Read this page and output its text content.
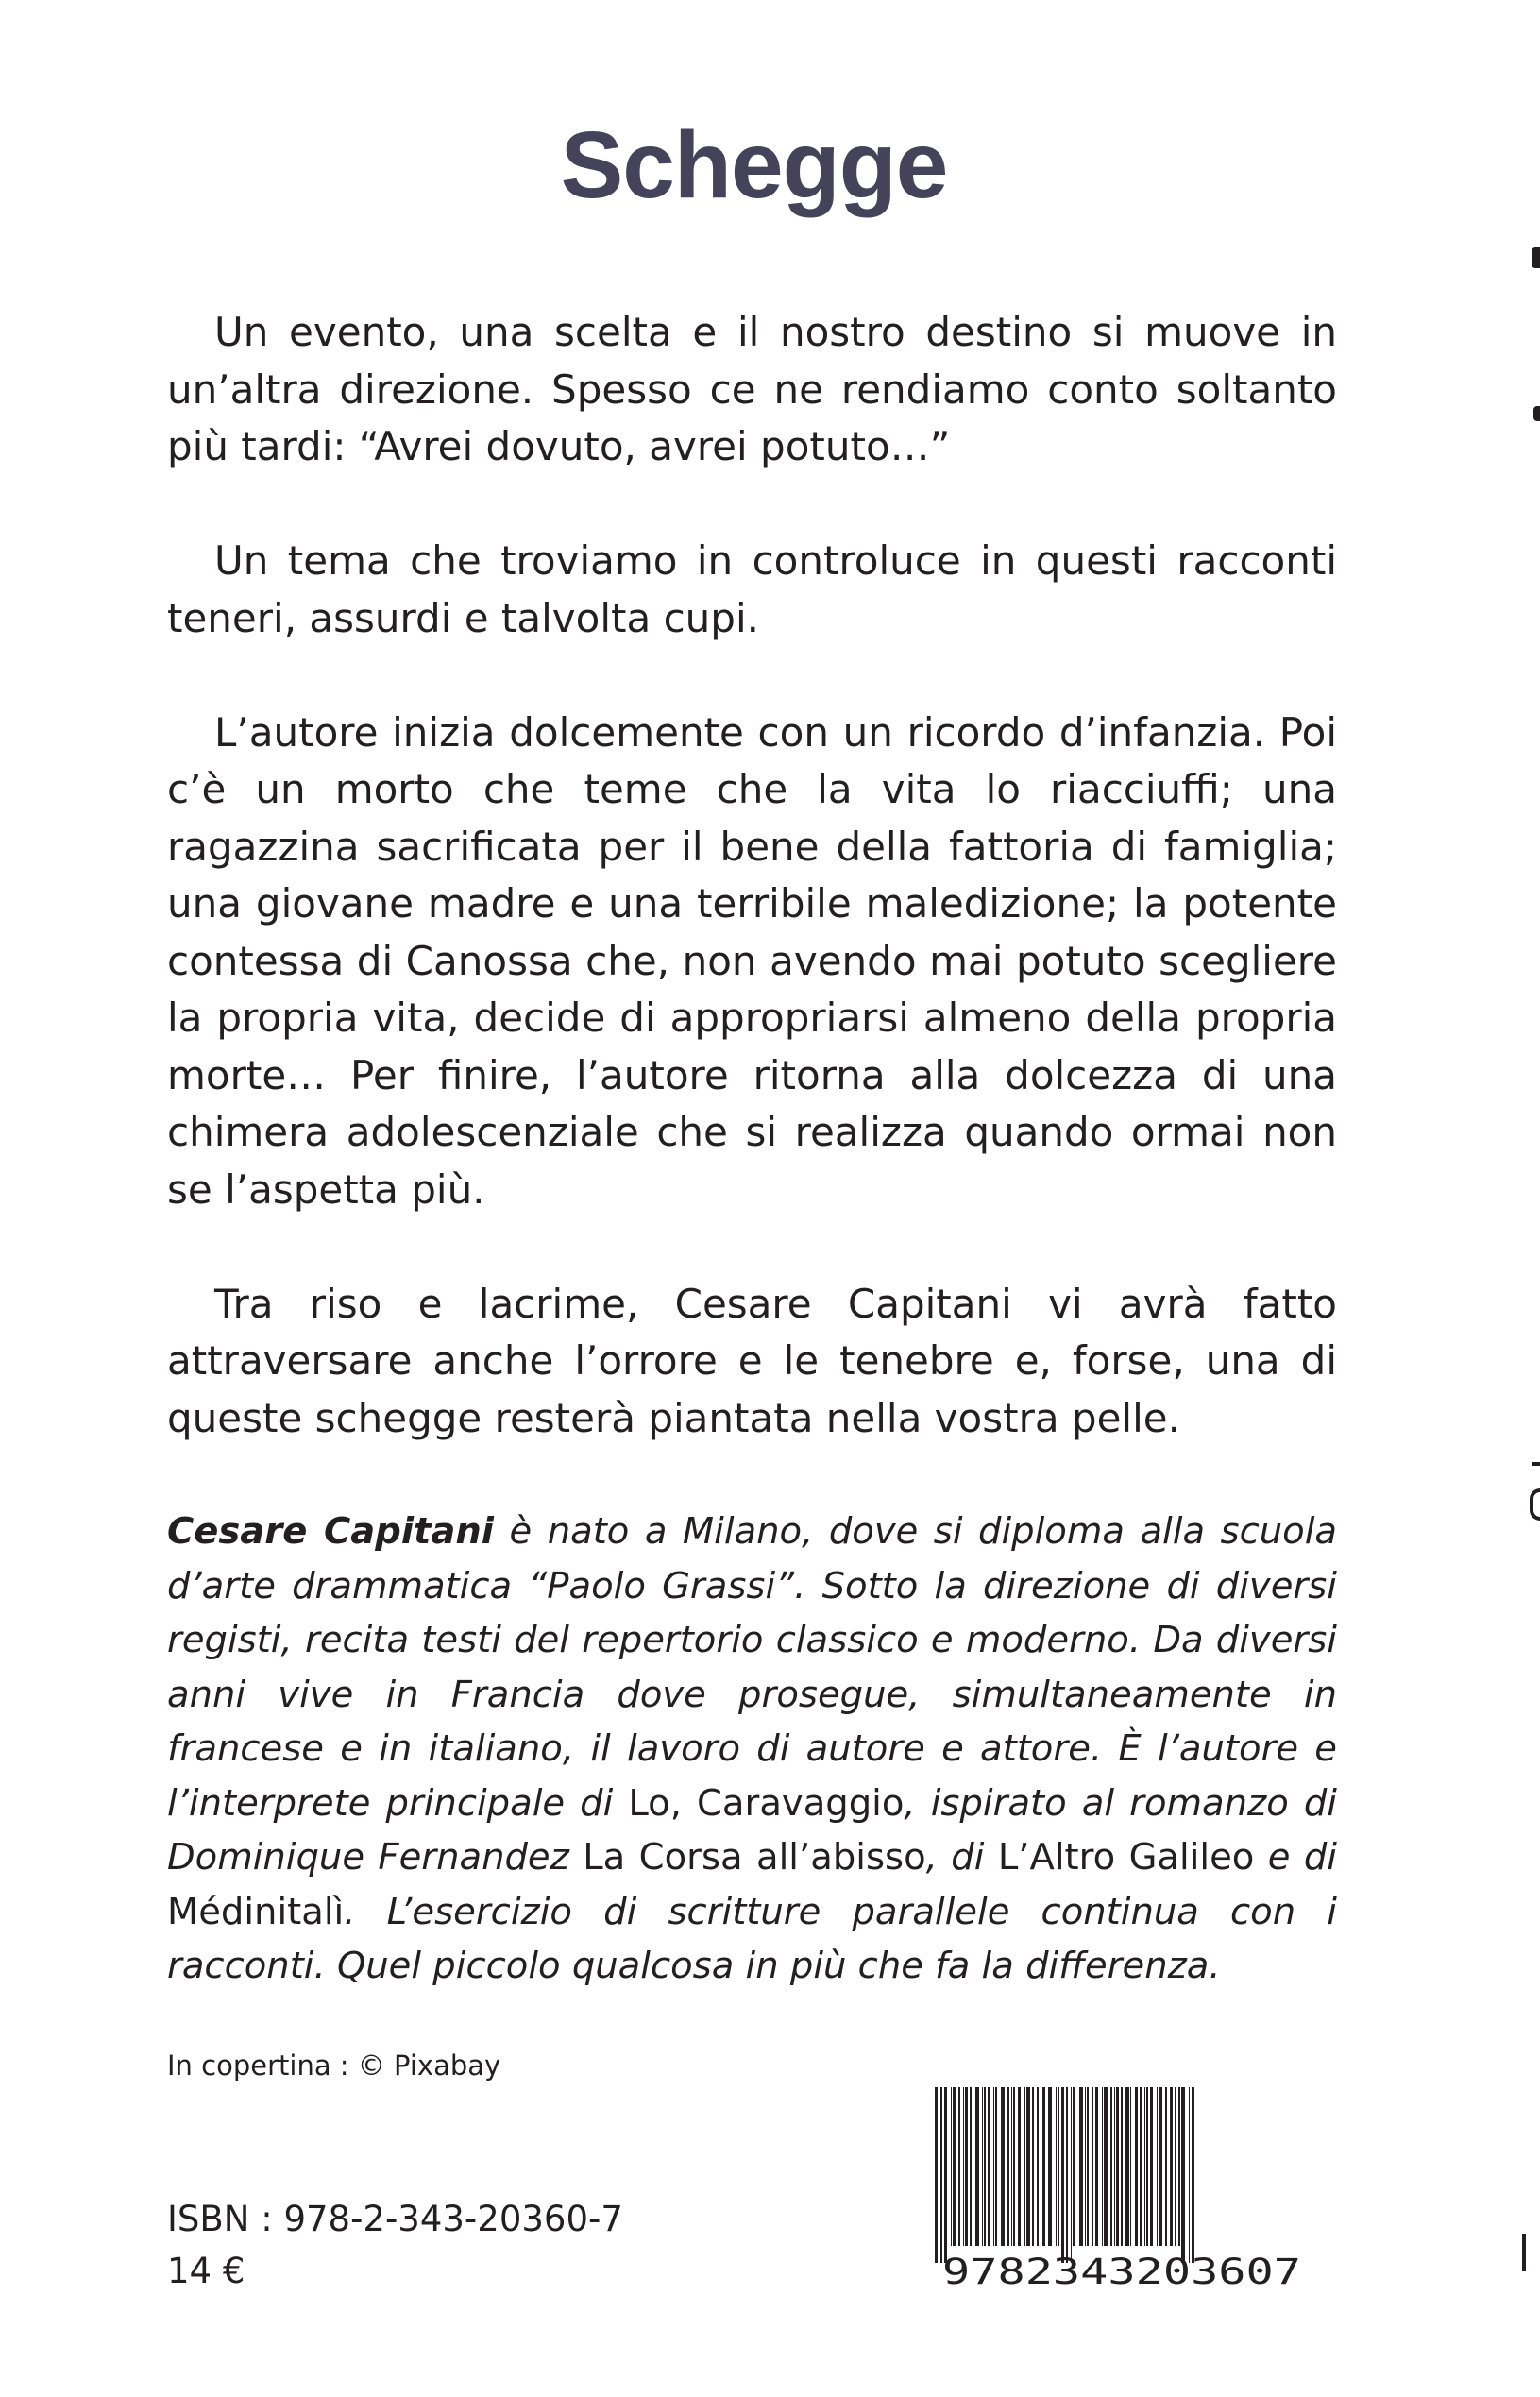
Schegge

Un evento, una scelta e il nostro destino si muove in un’altra direzione. Spesso ce ne rendiamo conto soltanto più tardi: “Avrei dovuto, avrei potuto…”

Un tema che troviamo in controluce in questi racconti teneri, assurdi e talvolta cupi.

L’autore inizia dolcemente con un ricordo d’infanzia. Poi c’è un morto che teme che la vita lo riacciuffi; una ragazzina sacrificata per il bene della fattoria di famiglia; una giovane madre e una terribile maledizione; la potente contessa di Canossa che, non avendo mai potuto scegliere la propria vita, decide di appropriarsi almeno della propria morte… Per finire, l’autore ritorna alla dolcezza di una chimera adolescenziale che si realizza quando ormai non se l’aspetta più.

Tra riso e lacrime, Cesare Capitani vi avrà fatto attraversare anche l’orrore e le tenebre e, forse, una di queste schegge resterà piantata nella vostra pelle.

Cesare Capitani è nato a Milano, dove si diploma alla scuola d’arte drammatica “Paolo Grassi”. Sotto la direzione di diversi registi, recita testi del repertorio classico e moderno. Da diversi anni vive in Francia dove prosegue, simultaneamente in francese e in italiano, il lavoro di autore e attore. È l’autore e l’interprete principale di Lo, Caravaggio, ispirato al romanzo di Dominique Fernandez La Corsa all’abisso, di L’Altro Galileo e di Médinitalì. L’esercizio di scritture parallele continua con i racconti. Quel piccolo qualcosa in più che fa la differenza.

In copertina : © Pixabay
ISBN : 978-2-343-20360-7
14 €	9782343203607
